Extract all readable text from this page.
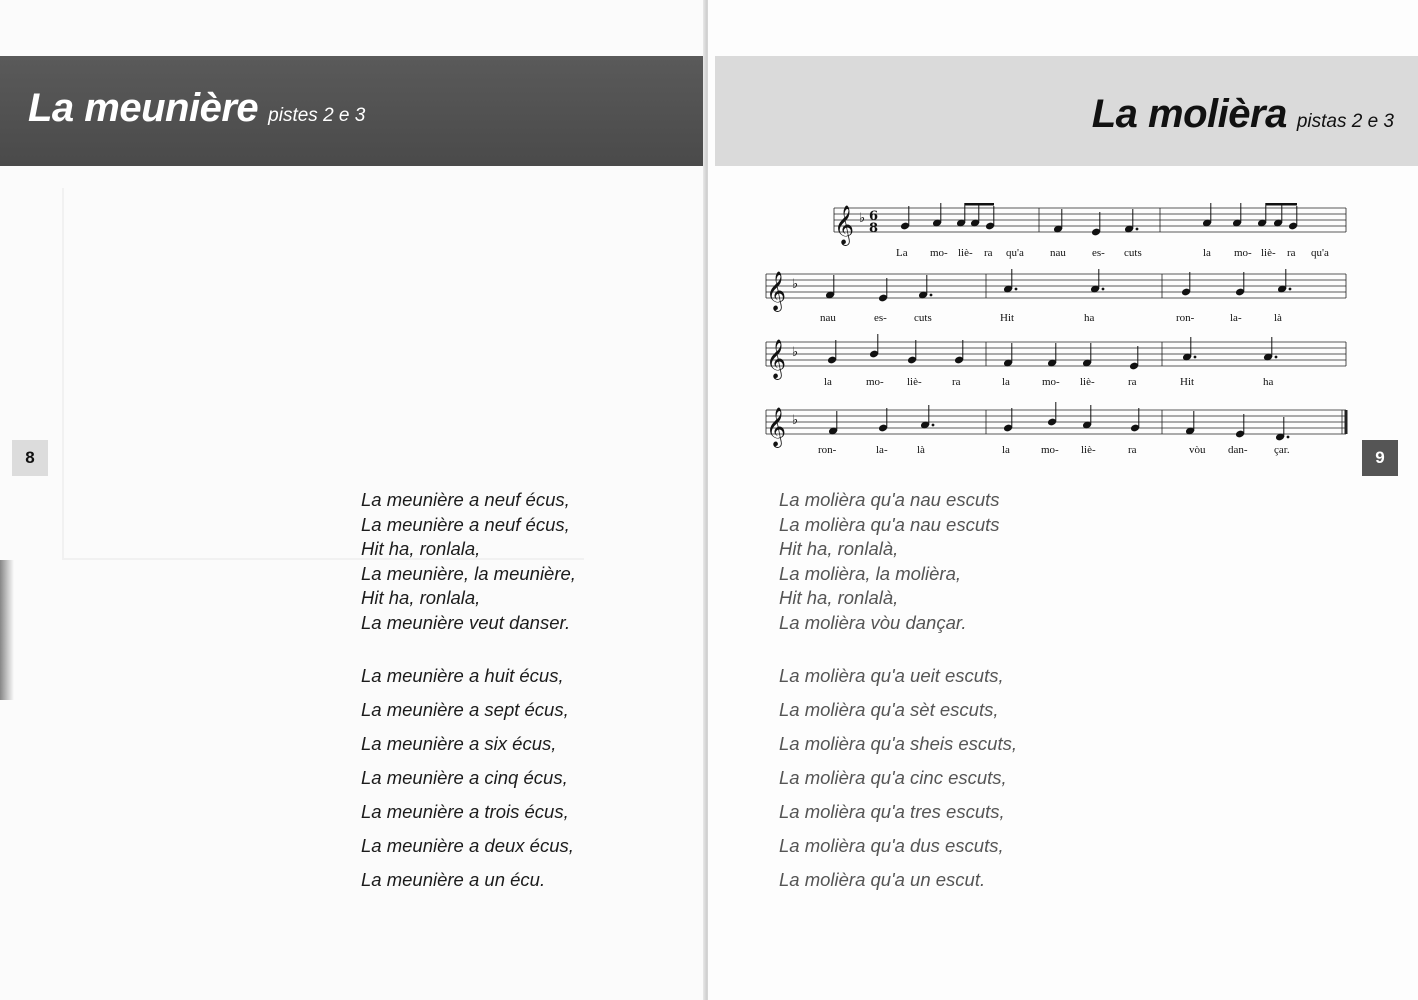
La meunière pistes 2 e 3
8
La meunière a neuf écus,
La meunière a neuf écus,
Hit ha, ronlala,
La meunière, la meunière,
Hit ha, ronlala,
La meunière veut danser.
La meunière a huit écus,
La meunière a sept écus,
La meunière a six écus,
La meunière a cinq écus,
La meunière a trois écus,
La meunière a deux écus,
La meunière a un écu.
La molièra qu'a nau escuts
La molièra qu'a nau escuts
Hit ha, ronlalà,
La molièra, la molièra,
Hit ha, ronlalà,
La molièra vòu dançar.
La molièra qu'a ueit escuts,
La molièra qu'a sèt escuts,
La molièra qu'a sheis escuts,
La molièra qu'a cinc escuts,
La molièra qu'a tres escuts,
La molièra qu'a dus escuts,
La molièra qu'a un escut.
La molièra pistas 2 e 3
9
𝄞 ♭ 6
8
𝄞
𝄞
𝄞
♭
♭
♭
La mo- liè- ra qu'a nau es- cuts	la mo- liè- ra qu'a
nau	es- cuts	Hit	ha	ron-	la-	là
la	mo- liè-	ra	la	mo- liè-	ra	Hit	ha
ron-	la-	là	la	mo- liè-	ra	vòu dan- çar.
